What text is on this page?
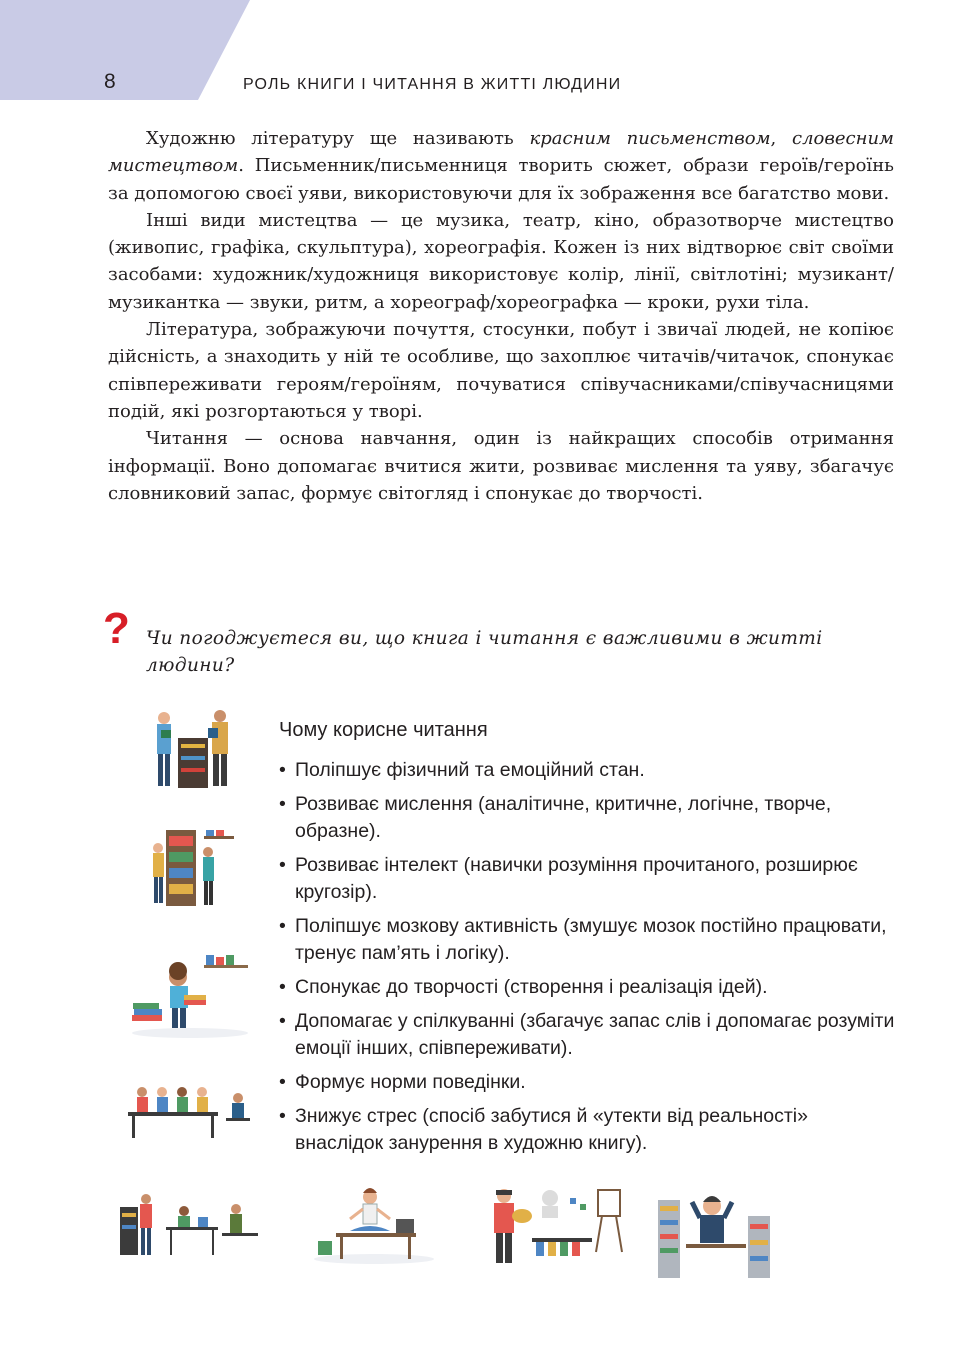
8	РОЛЬ КНИГИ І ЧИТАННЯ В ЖИТТІ ЛЮДИНИ

Художню літературу ще називають красним письменством, словесним мистецтвом. Письменник/письменниця творить сюжет, образи героїв/героїнь за допомогою своєї уяви, використовуючи для їх зображення все багатство мови.

Інші види мистецтва — це музика, театр, кіно, образотворче мистецтво (живопис, графіка, скульптура), хореографія. Кожен із них відтворює світ своїми засобами: художник/художниця використовує колір, лінії, світлотіні; музикант/музикантка — звуки, ритм, а хореограф/хореографка — кроки, рухи тіла.

Література, зображуючи почуття, стосунки, побут і звичаї людей, не копіює дійсність, а знаходить у ній те особливе, що захоплює читачів/читачок, спонукає співпереживати героям/героїням, почуватися співучасниками/співучасницями подій, які розгортаються у творі.

Читання — основа навчання, один із найкращих способів отримання інформації. Воно допомагає вчитися жити, розвиває мислення та уяву, збагачує словниковий запас, формує світогляд і спонукає до творчості.

? Чи погоджуєтеся ви, що книга і читання є важливими в житті людини?
Чому корисне читання
• Поліпшує фізичний та емоційний стан.
• Розвиває мислення (аналітичне, критичне, логічне, творче, образне).
• Розвиває інтелект (навички розуміння прочитаного, розширює кругозір).
• Поліпшує мозкову активність (змушує мозок постійно працювати, тренує пам’ять і логіку).
• Спонукає до творчості (створення і реалізація ідей).
• Допомагає у спілкуванні (збагачує запас слів і допомагає розуміти емоції інших, співпереживати).
• Формує норми поведінки.
• Знижує стрес (спосіб забутися й «утекти від реальності» внаслідок занурення в художню книгу).
